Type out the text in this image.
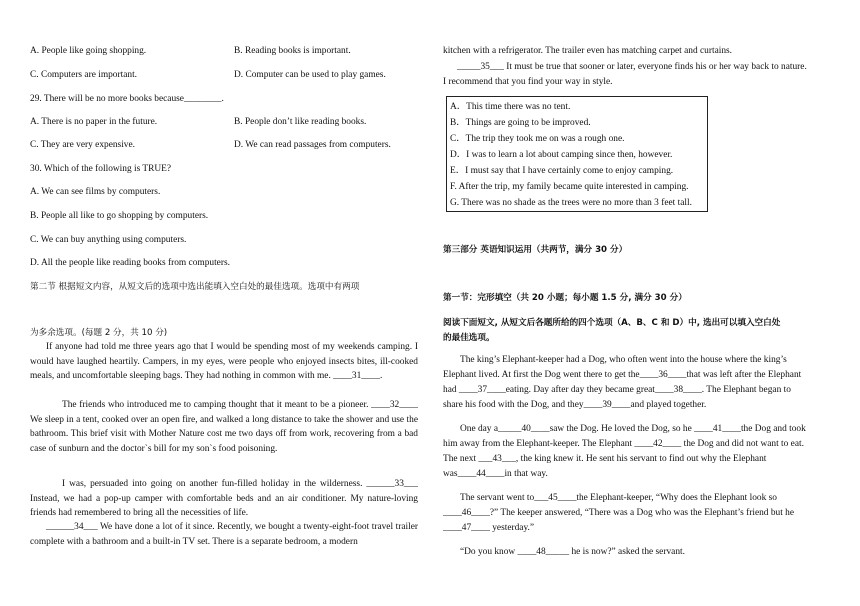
A. People like going shopping.	B. Reading books is important.
C. Computers are important.	D. Computer can be used to play games.
29. There will be no more books because________.
A. There is no paper in the future.	B. People don’t like reading books.
C. They are very expensive.	D. We can read passages from computers.
30. Which of the following is TRUE?
A. We can see films by computers.
B. People all like to go shopping by computers.
C. We can buy anything using computers.
D. All the people like reading books from computers.
第二节 根据短文内容，从短文后的选项中选出能填入空白处的最佳选项。选项中有两项
为多余选项。(每题 2 分，共 10 分)
If anyone had told me three years ago that I would be spending most of my weekends camping. I would have laughed heartily. Campers, in my eyes, were people who enjoyed insects bites, ill-cooked meals, and uncomfortable sleeping bags. They had nothing in common with me. ____31____.
The friends who introduced me to camping thought that it meant to be a pioneer. ____32____ We sleep in a tent, cooked over an open fire, and walked a long distance to take the shower and use the bathroom. This brief visit with Mother Nature cost me two days off from work, recovering from a bad case of sunburn and the doctor`s bill for my son`s food poisoning.
I was, persuaded into going on another fun-filled holiday in the wilderness. ______33___ Instead, we had a pop-up camper with comfortable beds and an air conditioner. My nature-loving friends had remembered to bring all the necessities of life.
______34___ We have done a lot of it since. Recently, we bought a twenty-eight-foot travel trailer complete with a bathroom and a built-in TV set. There is a separate bedroom, a modern
kitchen with a refrigerator. The trailer even has matching carpet and curtains.
_____35___ It must be true that sooner or later, everyone finds his or her way back to nature.
I recommend that you find your way in style.
第三部分 英语知识运用（共两节，满分 30 分）
第一节：完形填空（共 20 小题；每小题 1.5 分, 满分 30 分）
阅读下面短文, 从短文后各题所给的四个选项（A、B、C 和 D）中, 选出可以填入空白处
的最佳选项。
The king’s Elephant-keeper had a Dog, who often went into the house where the king’s
Elephant lived. At first the Dog went there to get the____36____that was left after the Elephant
had ____37____eating. Day after day they became great____38____. The Elephant began to
share his food with the Dog, and they____39____and played together.
One day a_____40____saw the Dog. He loved the Dog, so he ____41____the Dog and took
him away from the Elephant-keeper. The Elephant ____42____ the Dog and did not want to eat.
The next ___43___, the king knew it. He sent his servant to find out why the Elephant
was____44____in that way.
The servant went to___45____the Elephant-keeper, “Why does the Elephant look so
____46____?” The keeper answered, “There was a Dog who was the Elephant’s friend but he
____47____ yesterday.”
“Do you know ____48_____ he is now?” asked the servant.
A．This time there was no tent.
B．Things are going to be improved.
C．The trip they took me on was a rough one.
D．I was to learn a lot about camping since then, however.
E．I must say that I have certainly come to enjoy camping.
F. After the trip, my family became quite interested in camping.
G. There was no shade as the trees were no more than 3 feet tall.
